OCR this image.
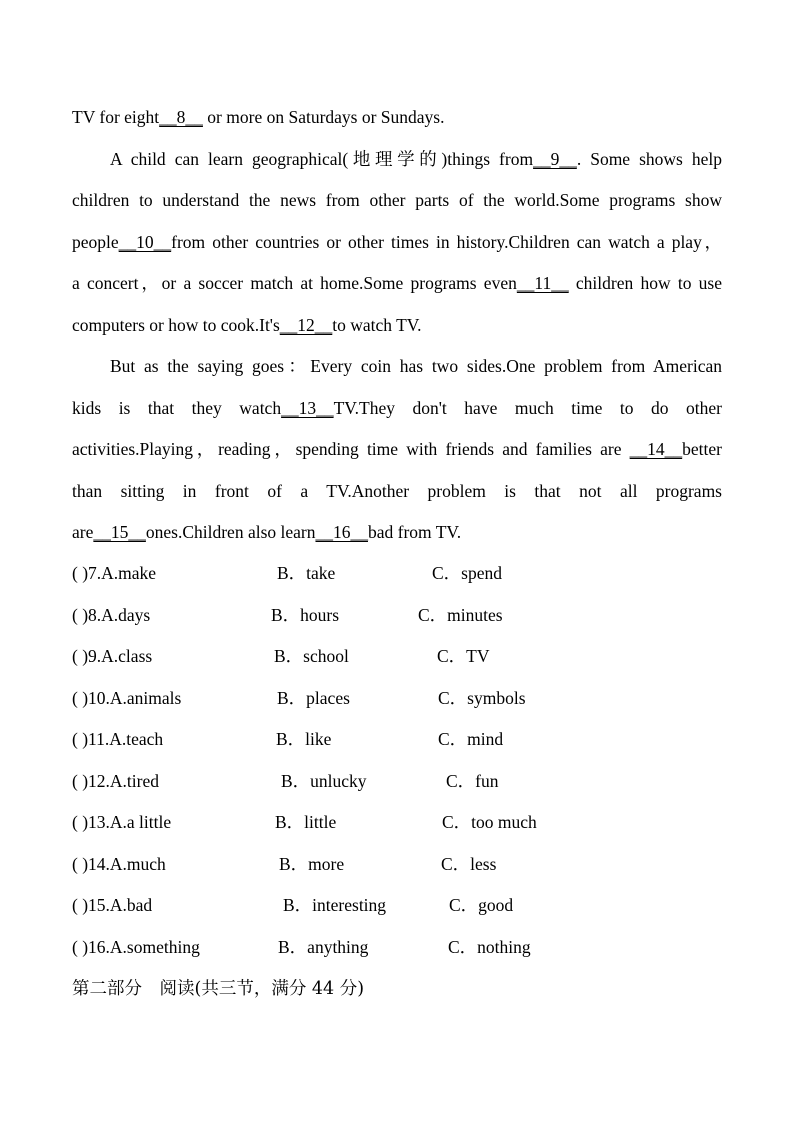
TV for eight__8__ or more on Saturdays or Sundays.
A child can learn geographical(地理学的)things from__9__. Some shows help
children to understand the news from other parts of the world.Some programs show
people__10__from other countries or other times in history.Children can watch a play，
a concert，or a soccer match at home.Some programs even__11__ children how to use
computers or how to cook.It's__12__to watch TV.
But as the saying goes：Every coin has two sides.One problem from American
kids is that they watch__13__TV.They don't have much time to do other
activities.Playing，reading，spending time with friends and families are __14__better
than sitting in front of a TV.Another problem is that not all programs
are__15__ones.Children also learn__16__bad from TV.
( )7.A.make	B．take	C．spend
( )8.A.days	B．hours	C．minutes
( )9.A.class	B．school	C．TV
( )10.A.animals	B．places	C．symbols
( )11.A.teach	B．like	C．mind
( )12.A.tired	B．unlucky	C．fun
( )13.A.a little	B．little	C．too much
( )14.A.much	B．more	C．less
( )15.A.bad	B．interesting	C．good
( )16.A.something	B．anything	C．nothing
第二部分　阅读(共三节，满分 44 分)
